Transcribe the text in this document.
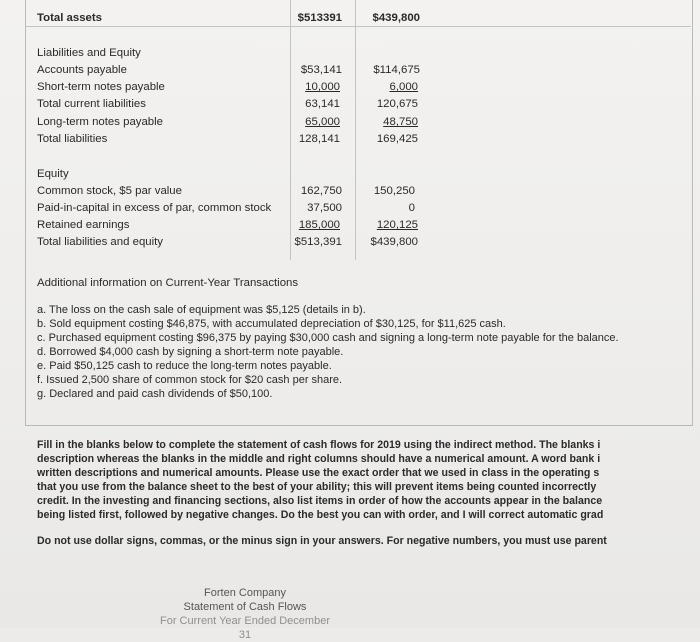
Total assets	$513391	$439,800
Liabilities and Equity
Accounts payable	$53,141	$114,675
Short-term notes payable	10,000	6,000
Total current liabilities	63,141	120,675
Long-term notes payable	65,000	48,750
Total liabilities	128,141	169,425
Equity
Common stock, $5 par value	162,750	150,250
Paid-in-capital in excess of par, common stock	37,500	0
Retained earnings	185,000	120,125
Total liabilities and equity	$513,391	$439,800
Additional information on Current-Year Transactions
a. The loss on the cash sale of equipment was $5,125 (details in b).
b. Sold equipment costing $46,875, with accumulated depreciation of $30,125, for $11,625 cash.
c. Purchased equipment costing $96,375 by paying $30,000 cash and signing a long-term note payable for the balance.
d. Borrowed $4,000 cash by signing a short-term note payable.
e. Paid $50,125 cash to reduce the long-term notes payable.
f. Issued 2,500 share of common stock for $20 cash per share.
g. Declared and paid cash dividends of $50,100.
Fill in the blanks below to complete the statement of cash flows for 2019 using the indirect method. The blanks i
description whereas the blanks in the middle and right columns should have a numerical amount. A word bank i
written descriptions and numerical amounts. Please use the exact order that we used in class in the operating s
that you use from the balance sheet to the best of your ability; this will prevent items being counted incorrectly
credit. In the investing and financing sections, also list items in order of how the accounts appear in the balance
being listed first, followed by negative changes. Do the best you can with order, and I will correct automatic grad
Do not use dollar signs, commas, or the minus sign in your answers. For negative numbers, you must use parent
Forten Company
Statement of Cash Flows
For Current Year Ended December 31
